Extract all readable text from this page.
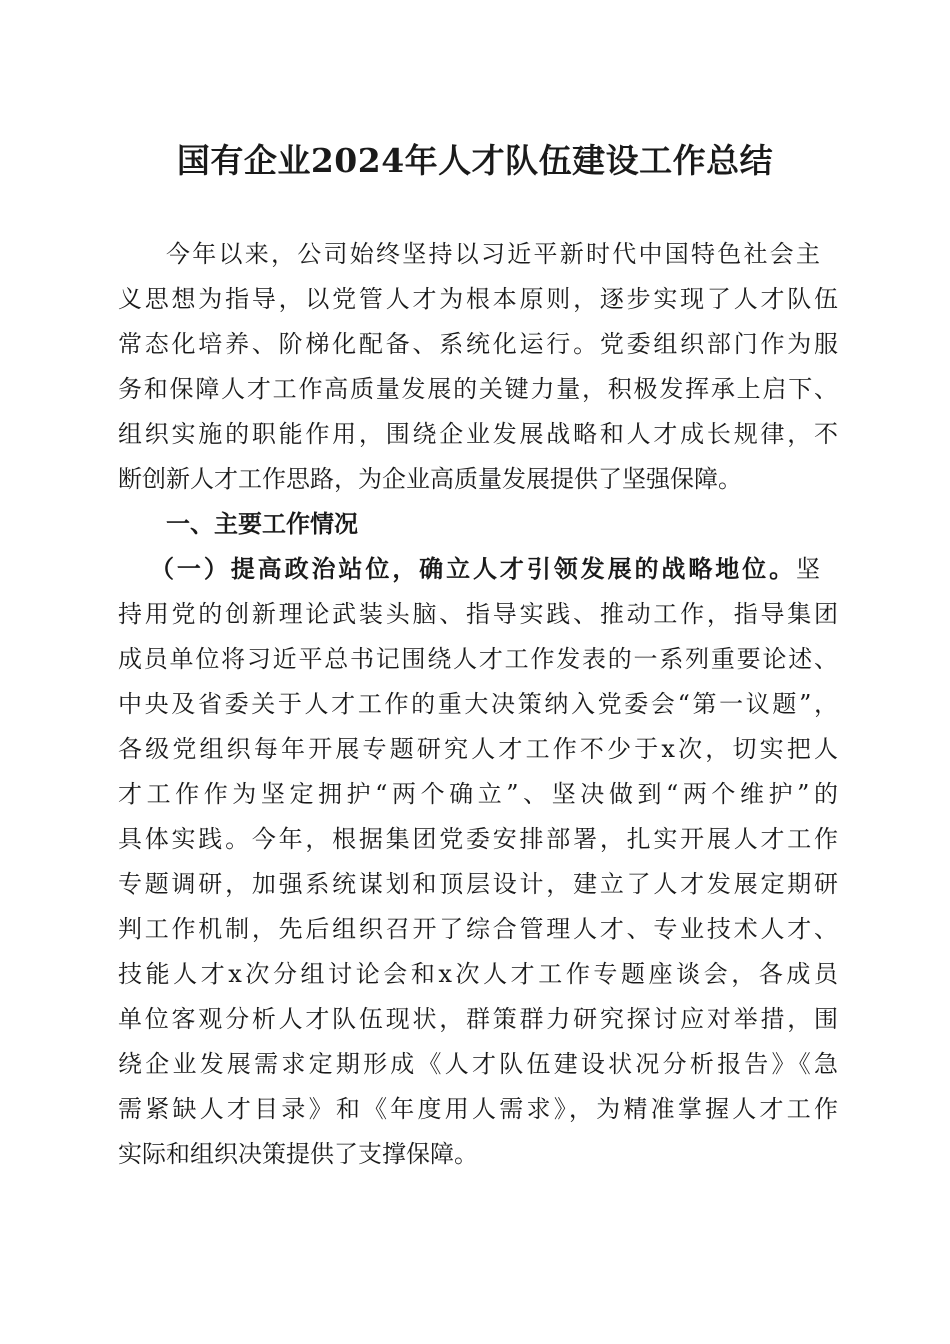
国有企业2024年人才队伍建设工作总结
今年以来，公司始终坚持以习近平新时代中国特色社会主
义思想为指导，以党管人才为根本原则，逐步实现了人才队伍
常态化培养、阶梯化配备、系统化运行。党委组织部门作为服
务和保障人才工作高质量发展的关键力量，积极发挥承上启下、
组织实施的职能作用，围绕企业发展战略和人才成长规律，不
断创新人才工作思路，为企业高质量发展提供了坚强保障。
一、主要工作情况
（一）提高政治站位，确立人才引领发展的战略地位。坚
持用党的创新理论武装头脑、指导实践、推动工作，指导集团
成员单位将习近平总书记围绕人才工作发表的一系列重要论述、
中央及省委关于人才工作的重大决策纳入党委会“第一议题”，
各级党组织每年开展专题研究人才工作不少于x次，切实把人
才工作作为坚定拥护“两个确立”、坚决做到“两个维护”的
具体实践。今年，根据集团党委安排部署，扎实开展人才工作
专题调研，加强系统谋划和顶层设计，建立了人才发展定期研
判工作机制，先后组织召开了综合管理人才、专业技术人才、
技能人才x次分组讨论会和x次人才工作专题座谈会，各成员
单位客观分析人才队伍现状，群策群力研究探讨应对举措，围
绕企业发展需求定期形成《人才队伍建设状况分析报告》《急
需紧缺人才目录》和《年度用人需求》，为精准掌握人才工作
实际和组织决策提供了支撑保障。
